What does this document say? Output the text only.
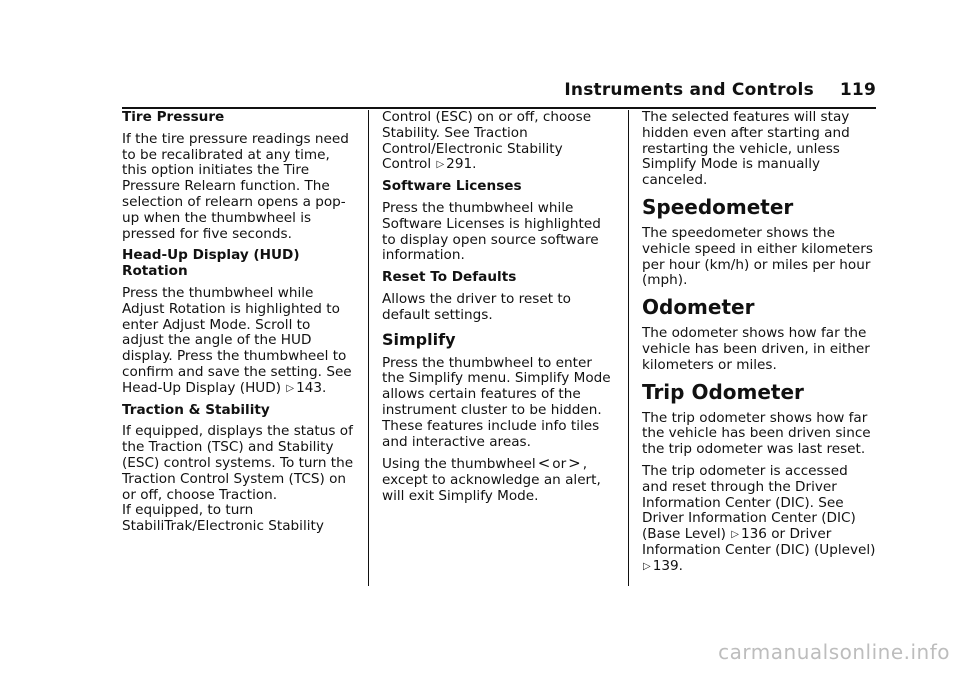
Instruments and Controls 119
Tire Pressure

If the tire pressure readings need to be recalibrated at any time, this option initiates the Tire Pressure Relearn function. The selection of relearn opens a pop-up when the thumbwheel is pressed for five seconds.

Head-Up Display (HUD) Rotation

Press the thumbwheel while Adjust Rotation is highlighted to enter Adjust Mode. Scroll to adjust the angle of the HUD display. Press the thumbwheel to confirm and save the setting. See Head-Up Display (HUD) ▷ 143.

Traction & Stability

If equipped, displays the status of the Traction (TSC) and Stability (ESC) control systems. To turn the Traction Control System (TCS) on or off, choose Traction.

If equipped, to turn StabiliTrak/Electronic Stability

Control (ESC) on or off, choose Stability. See Traction Control/Electronic Stability Control ▷ 291.

Software Licenses

Press the thumbwheel while Software Licenses is highlighted to display open source software information.

Reset To Defaults

Allows the driver to reset to default settings.

Simplify

Press the thumbwheel to enter the Simplify menu. Simplify Mode allows certain features of the instrument cluster to be hidden. These features include info tiles and interactive areas.

Using the thumbwheel < or > , except to acknowledge an alert, will exit Simplify Mode.

The selected features will stay hidden even after starting and restarting the vehicle, unless Simplify Mode is manually canceled.

Speedometer

The speedometer shows the vehicle speed in either kilometers per hour (km/h) or miles per hour (mph).

Odometer

The odometer shows how far the vehicle has been driven, in either kilometers or miles.

Trip Odometer

The trip odometer shows how far the vehicle has been driven since the trip odometer was last reset.

The trip odometer is accessed and reset through the Driver Information Center (DIC). See Driver Information Center (DIC) (Base Level) ▷ 136 or Driver Information Center (DIC) (Uplevel) ▷ 139.

carmanualsonline.info
